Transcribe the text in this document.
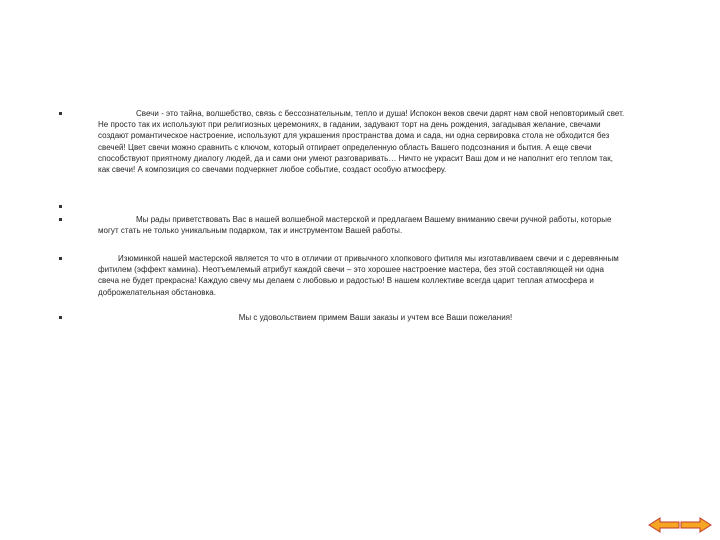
Свечи - это тайна, волшебство, связь с бессознательным, тепло и душа! Испокон веков свечи дарят нам свой неповторимый свет. Не просто так их используют при религиозных церемониях, в гадании, задувают торт на день рождения, загадывая желание, свечами создают романтическое настроение, используют для украшения пространства дома и сада, ни одна сервировка стола не обходится без свечей! Цвет свечи можно сравнить с ключом, который отпирает определенную область Вашего подсознания и бытия. А еще свечи способствуют приятному диалогу людей, да и сами они умеют разговаривать… Ничто не украсит Ваш дом и не наполнит его теплом так, как свечи! А композиция со свечами подчеркнет любое событие, создаст особую атмосферу.

Мы рады приветствовать Вас в нашей волшебной мастерской и предлагаем Вашему вниманию свечи ручной работы, которые могут стать не только уникальным подарком, так и инструментом Вашей работы.

Изюминкой нашей мастерской является то что в отличии от привычного хлопкового фитиля мы изготавливаем свечи и с деревянным фитилем (эффект камина). Неотъемлемый атрибут каждой свечи – это хорошее настроение мастера, без этой составляющей ни одна свеча не будет прекрасна! Каждую свечу мы делаем с любовью и радостью! В нашем коллективе всегда царит теплая атмосфера и доброжелательная обстановка.

Мы с удовольствием примем Ваши заказы и учтем все Ваши пожелания!
